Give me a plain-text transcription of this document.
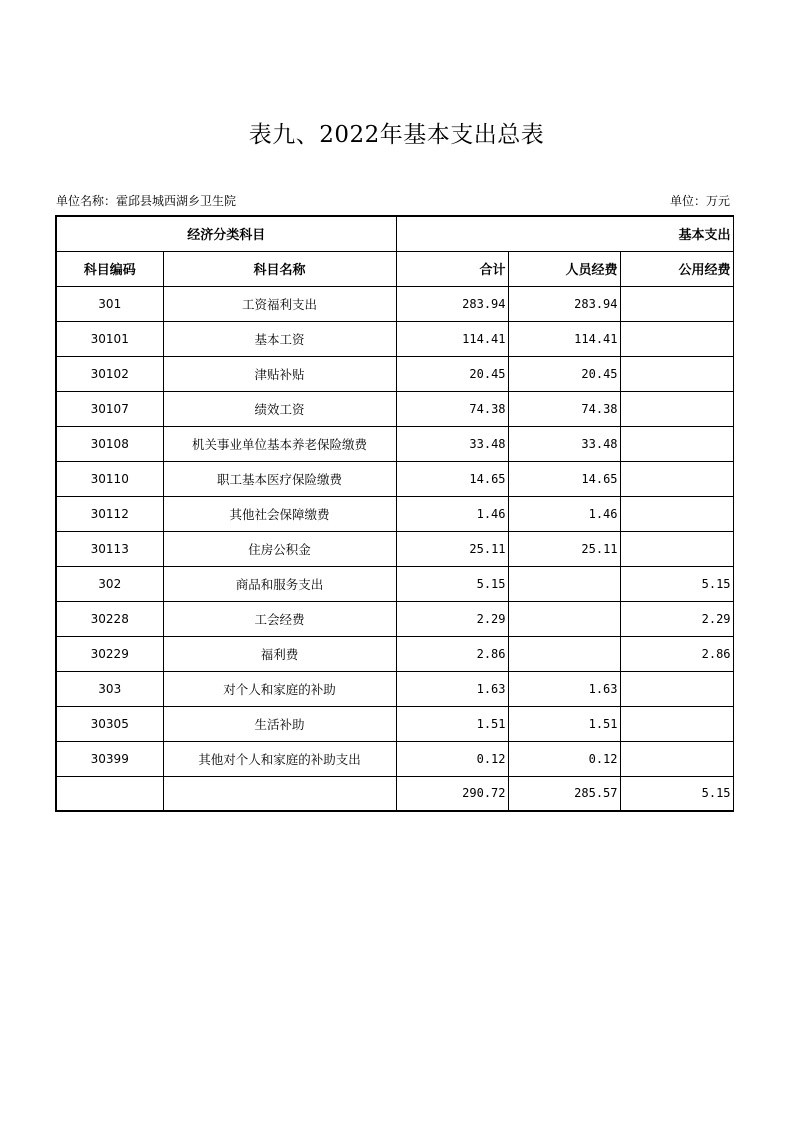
表九、2022年基本支出总表
单位名称：霍邱县城西湖乡卫生院	单位：万元
经济分类科目		基本支出		
科目编码	科目名称	合计	人员经费	公用经费
301	工资福利支出	283.94	283.94	
30101	基本工资	114.41	114.41	
30102	津贴补贴	20.45	20.45	
30107	绩效工资	74.38	74.38	
30108	机关事业单位基本养老保险缴费	33.48	33.48	
30110	职工基本医疗保险缴费	14.65	14.65	
30112	其他社会保障缴费	1.46	1.46	
30113	住房公积金	25.11	25.11	
302	商品和服务支出	5.15		5.15
30228	工会经费	2.29		2.29
30229	福利费	2.86		2.86
303	对个人和家庭的补助	1.63	1.63	
30305	生活补助	1.51	1.51	
30399	其他对个人和家庭的补助支出	0.12	0.12	
		290.72	285.57	5.15
